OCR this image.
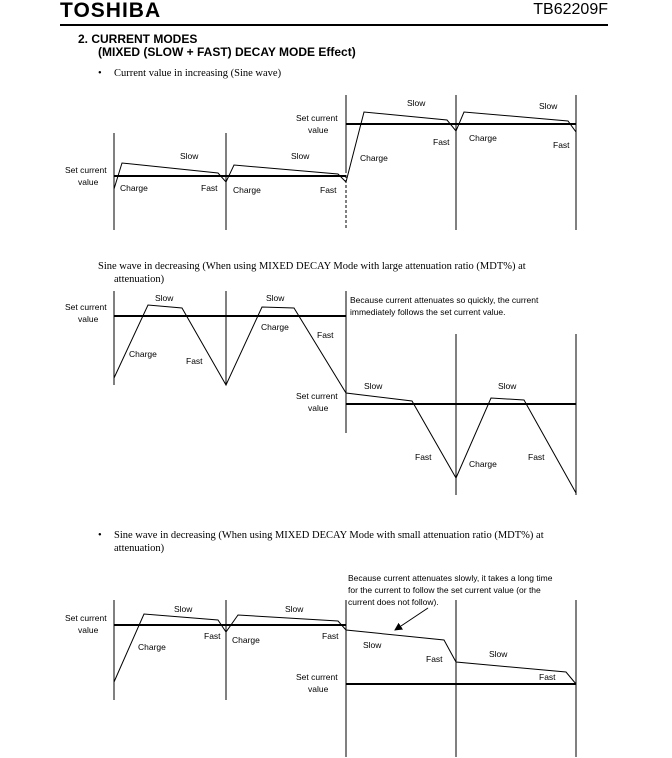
TOSHIBA	TB62209F
2. CURRENT MODES
(MIXED (SLOW + FAST) DECAY MODE Effect)
• Current value in increasing (Sine wave)
Set current
value
Set current
value
Slow	Slow
Slow	Slow
Charge	Charge
Charge
Charge
Fast	Fast
Fast	Fast
Sine wave in decreasing (When using MIXED DECAY Mode with large attenuation ratio (MDT%) at
attenuation)
Set current
value
Set current
value
Slow	Slow
Slow	Slow
Charge
Charge
Charge
Fast
Fast
Fast	Fast
Because current attenuates so quickly, the current
immediately follows the set current value.
• Sine wave in decreasing (When using MIXED DECAY Mode with small attenuation ratio (MDT%) at
attenuation)
Because current attenuates slowly, it takes a long time
for the current to follow the set current value (or the
current does not follow).
Set current
value
Set current
value
Slow	Slow
Slow
Slow
Charge
Charge
Fast	Fast
Fast
Fast
